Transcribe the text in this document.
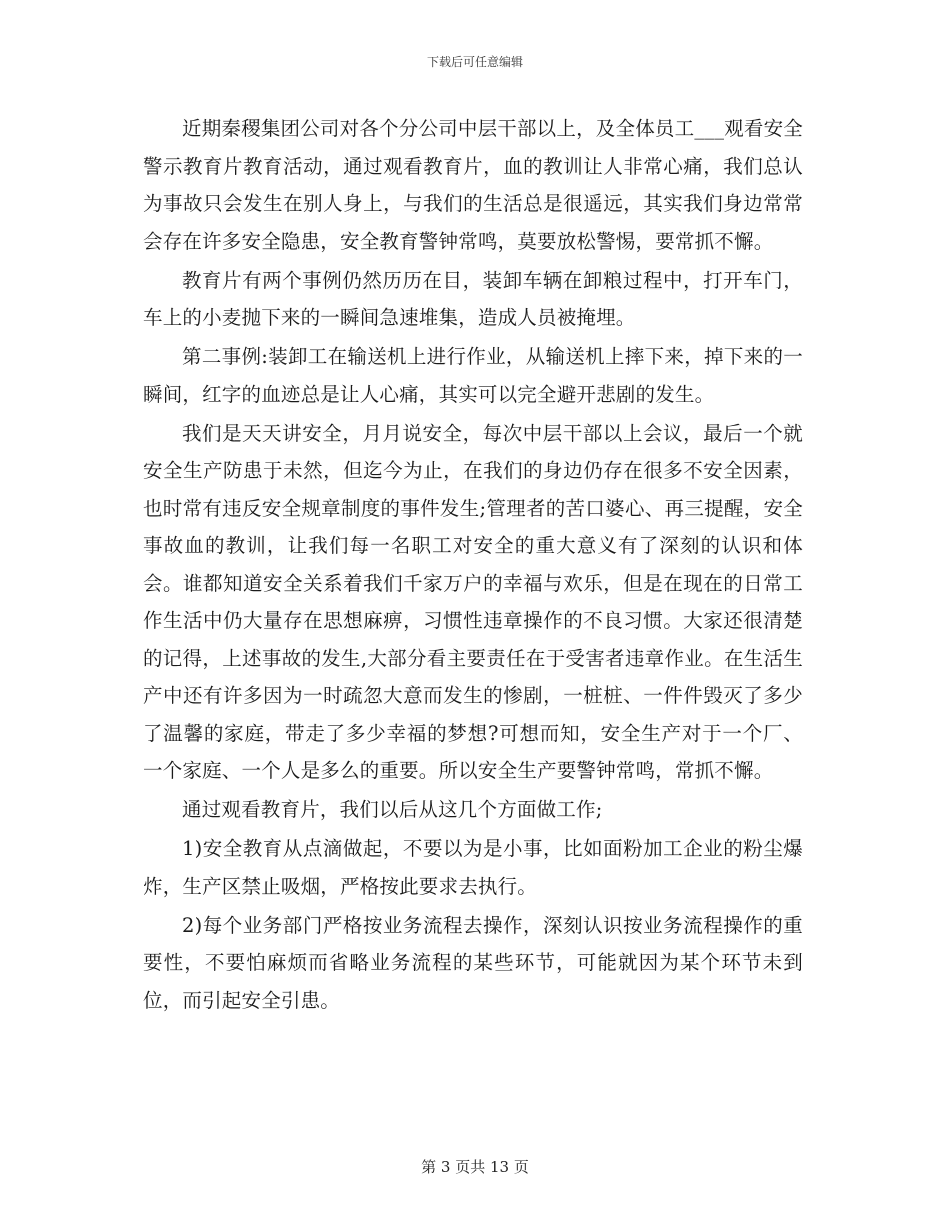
下载后可任意编辑

近期秦稷集团公司对各个分公司中层干部以上，及全体员工___观看安全警示教育片教育活动，通过观看教育片，血的教训让人非常心痛，我们总认为事故只会发生在别人身上，与我们的生活总是很遥远，其实我们身边常常会存在许多安全隐患，安全教育警钟常鸣，莫要放松警惕，要常抓不懈。

教育片有两个事例仍然历历在目，装卸车辆在卸粮过程中，打开车门，车上的小麦抛下来的一瞬间急速堆集，造成人员被掩埋。

第二事例:装卸工在输送机上进行作业，从输送机上摔下来，掉下来的一瞬间，红字的血迹总是让人心痛，其实可以完全避开悲剧的发生。

我们是天天讲安全，月月说安全，每次中层干部以上会议，最后一个就安全生产防患于未然，但迄今为止，在我们的身边仍存在很多不安全因素，也时常有违反安全规章制度的事件发生;管理者的苦口婆心、再三提醒，安全事故血的教训，让我们每一名职工对安全的重大意义有了深刻的认识和体会。谁都知道安全关系着我们千家万户的幸福与欢乐，但是在现在的日常工作生活中仍大量存在思想麻痹，习惯性违章操作的不良习惯。大家还很清楚的记得，上述事故的发生,大部分看主要责任在于受害者违章作业。在生活生产中还有许多因为一时疏忽大意而发生的惨剧，一桩桩、一件件毁灭了多少了温馨的家庭，带走了多少幸福的梦想?可想而知，安全生产对于一个厂、一个家庭、一个人是多么的重要。所以安全生产要警钟常鸣，常抓不懈。

通过观看教育片，我们以后从这几个方面做工作;

1)安全教育从点滴做起，不要以为是小事，比如面粉加工企业的粉尘爆炸，生产区禁止吸烟，严格按此要求去执行。

2)每个业务部门严格按业务流程去操作，深刻认识按业务流程操作的重要性，不要怕麻烦而省略业务流程的某些环节，可能就因为某个环节未到位，而引起安全引患。

第 3 页共 13 页
